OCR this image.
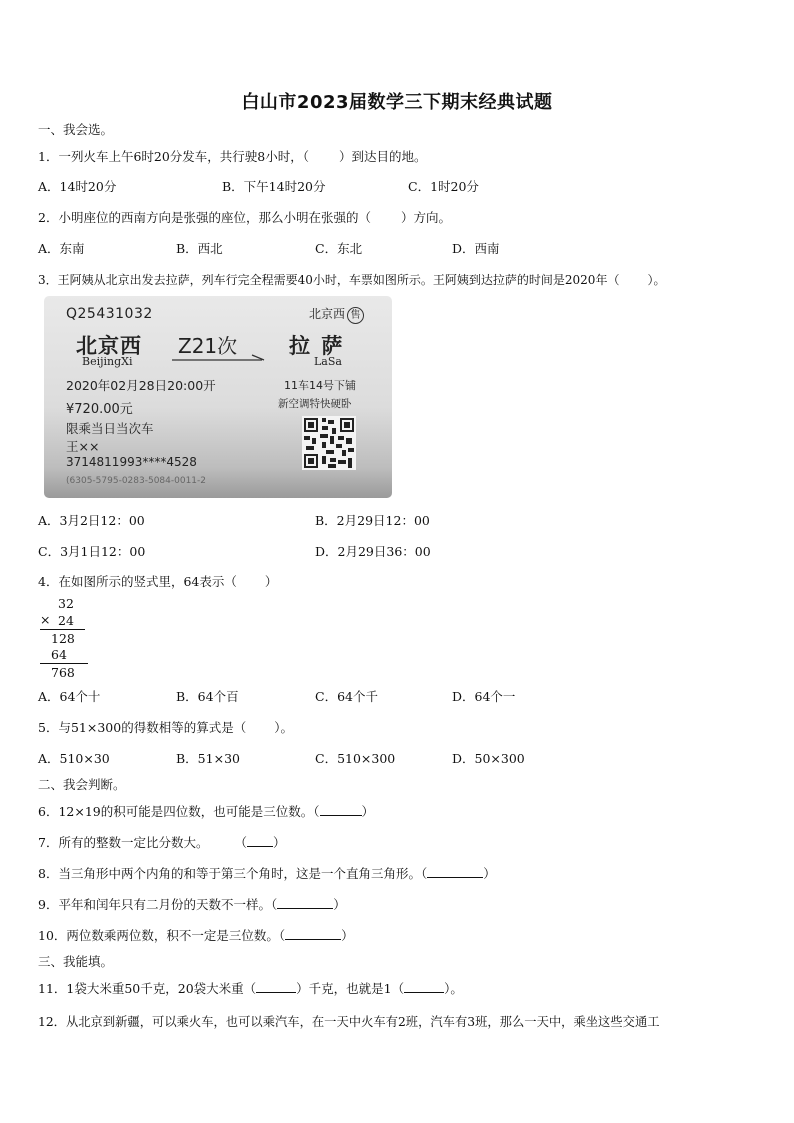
白山市2023届数学三下期末经典试题
一、我会选。
1．一列火车上午6时20分发车，共行驶8小时，（ ）到达目的地。
A．14时20分	B．下午14时20分	C．1时20分
2．小明座位的西南方向是张强的座位，那么小明在张强的（ ）方向。
A．东南	B．西北	C．东北	D．西南
3．王阿姨从北京出发去拉萨，列车行完全程需要40小时，车票如图所示。王阿姨到达拉萨的时间是2020年（ ）。
Q25431032	北京西 售
北京西
BeijingXi
Z21次 拉 萨
LaSa
2020年02月28日20:00开	11车14号下铺
¥720.00元	新空调特快硬卧
限乘当日当次车
王××
3714811993****4528
(6305-5795-0283-5084-0011-2
A．3月2日12：00	B．2月29日12：00
C．3月1日12：00	D．2月29日36：00
4．在如图所示的竖式里，64表示（ ）
32
× 24
128
64
768
A．64个十	B．64个百	C．64个千	D．64个一
5．与51×300的得数相等的算式是（ ）。
A．510×30	B．51×30	C．510×300	D．50×300
二、我会判断。
6．12×19的积可能是四位数，也可能是三位数。（	）
7．所有的整数一定比分数大。 （ ）
8．当三角形中两个内角的和等于第三个角时，这是一个直角三角形。（	）
9．平年和闰年只有二月份的天数不一样。（	）
10．两位数乘两位数，积不一定是三位数。（	）
三、我能填。
11．1袋大米重50千克，20袋大米重（	）千克，也就是1（	）。
12．从北京到新疆，可以乘火车，也可以乘汽车，在一天中火车有2班，汽车有3班，那么一天中，乘坐这些交通工
